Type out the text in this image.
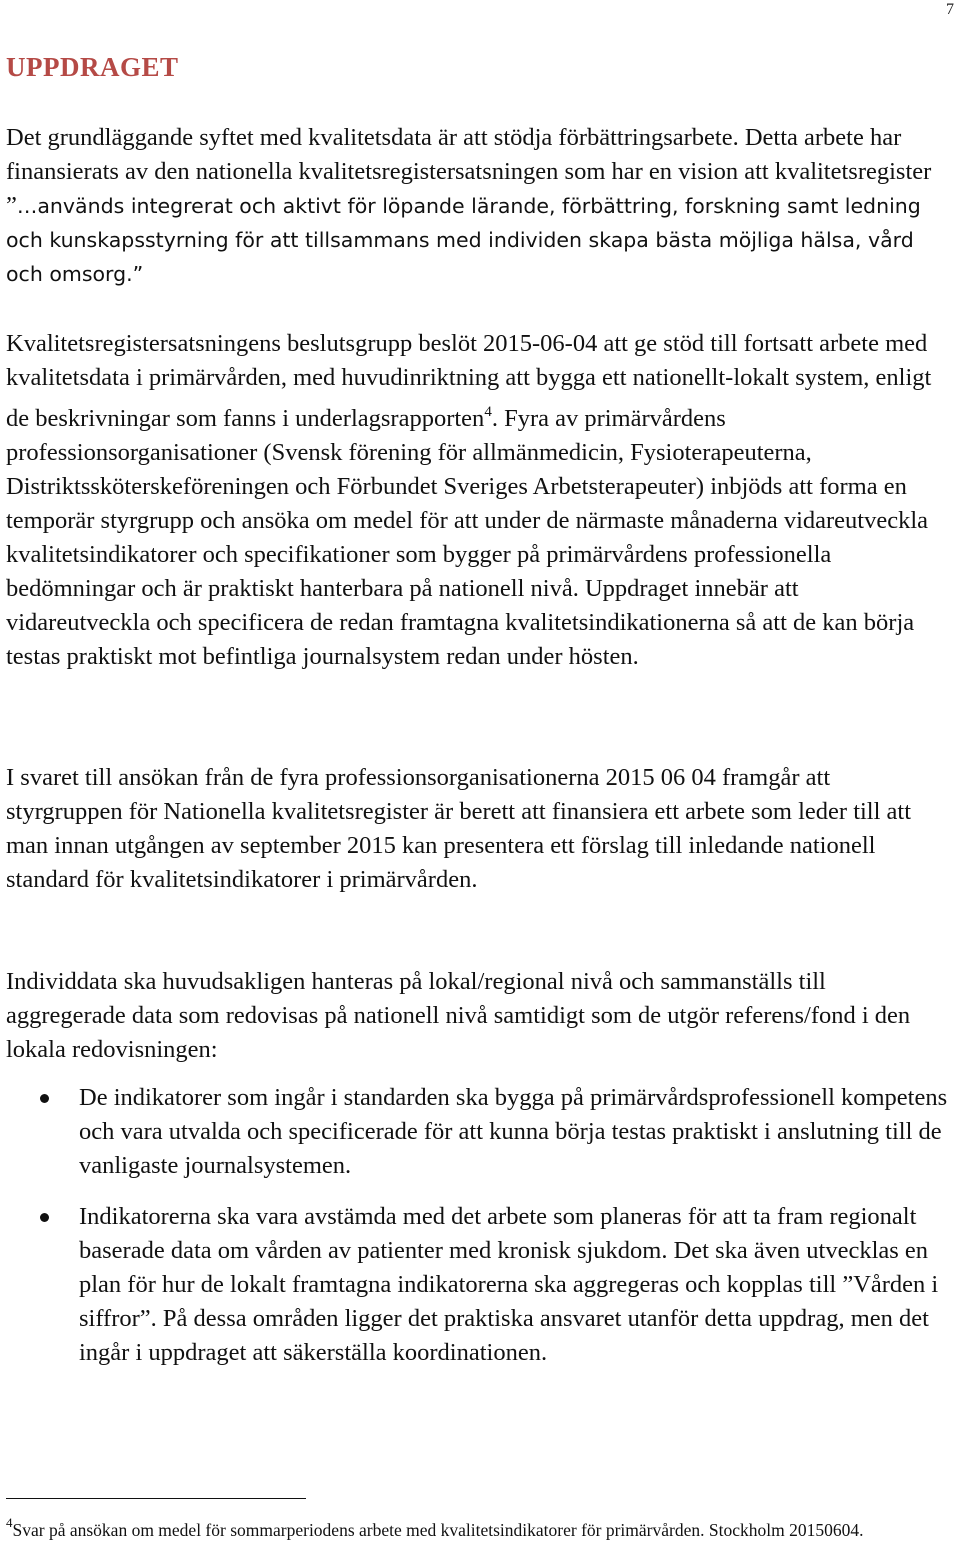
7
UPPDRAGET

Det grundläggande syftet med kvalitetsdata är att stödja förbättringsarbete. Detta arbete har finansierats av den nationella kvalitetsregistersatsningen som har en vision att kvalitetsregister ”…används integrerat och aktivt för löpande lärande, förbättring, forskning samt ledning och kunskapsstyrning för att tillsammans med individen skapa bästa möjliga hälsa, vård och omsorg.”

Kvalitetsregistersatsningens beslutsgrupp beslöt 2015-06-04 att ge stöd till fortsatt arbete med kvalitetsdata i primärvården, med huvudinriktning att bygga ett nationellt-lokalt system, enligt de beskrivningar som fanns i underlagsrapporten$^4$. Fyra av primärvårdens professionsorganisationer (Svensk förening för allmänmedicin, Fysioterapeuterna, Distriktssköterskeföreningen och Förbundet Sveriges Arbetsterapeuter) inbjöds att forma en temporär styrgrupp och ansöka om medel för att under de närmaste månaderna vidareutveckla kvalitetsindikatorer och specifikationer som bygger på primärvårdens professionella bedömningar och är praktiskt hanterbara på nationell nivå. Uppdraget innebär att vidareutveckla och specificera de redan framtagna kvalitetsindikationerna så att de kan börja testas praktiskt mot befintliga journalsystem redan under hösten.

I svaret till ansökan från de fyra professionsorganisationerna 2015 06 04 framgår att styrgruppen för Nationella kvalitetsregister är berett att finansiera ett arbete som leder till att man innan utgången av september 2015 kan presentera ett förslag till inledande nationell standard för kvalitetsindikatorer i primärvården.

Individdata ska huvudsakligen hanteras på lokal/regional nivå och sammanställs till aggregerade data som redovisas på nationell nivå samtidigt som de utgör referens/fond i den lokala redovisningen:

De indikatorer som ingår i standarden ska bygga på primärvårdsprofessionell kompetens och vara utvalda och specificerade för att kunna börja testas praktiskt i anslutning till de vanligaste journalsystemen.
Indikatorerna ska vara avstämda med det arbete som planeras för att ta fram regionalt baserade data om vården av patienter med kronisk sjukdom. Det ska även utvecklas en plan för hur de lokalt framtagna indikatorerna ska aggregeras och kopplas till ”Vården i siffror”. På dessa områden ligger det praktiska ansvaret utanför detta uppdrag, men det ingår i uppdraget att säkerställa koordinationen.

$^4$Svar på ansökan om medel för sommarperiodens arbete med kvalitetsindikatorer för primärvården. Stockholm 20150604.
